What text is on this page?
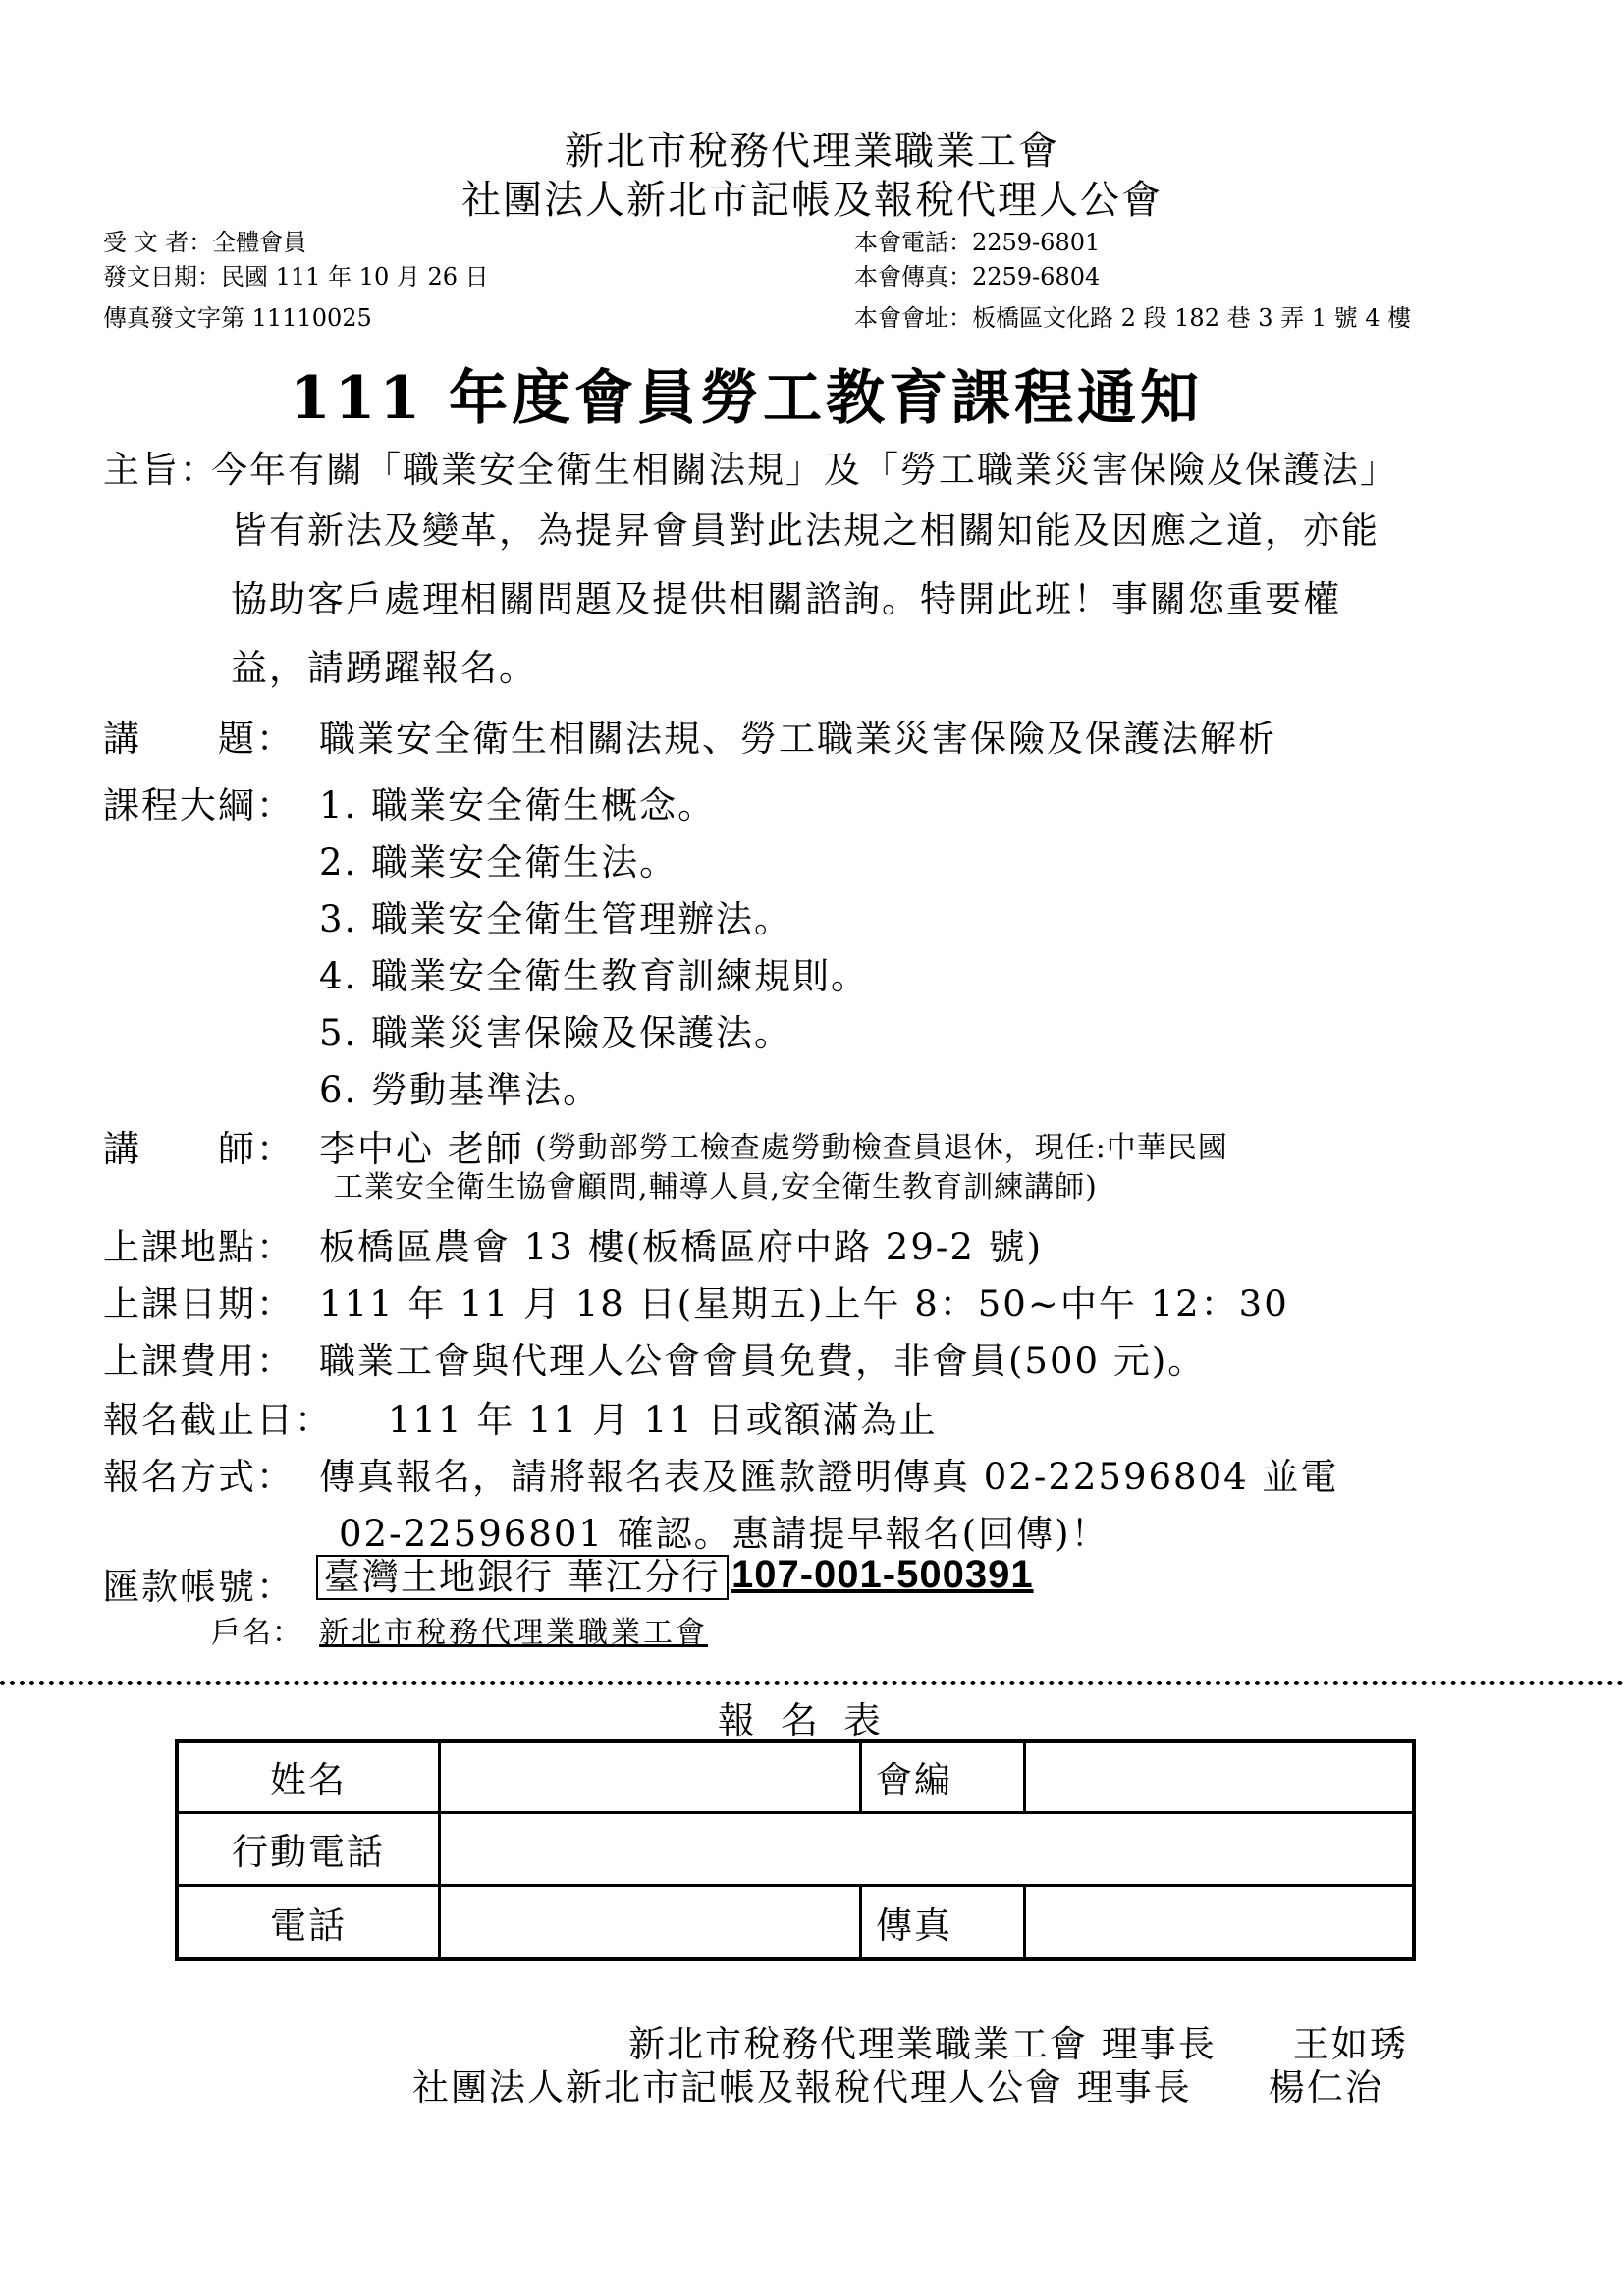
新北市稅務代理業職業工會
社團法人新北市記帳及報稅代理人公會
受 文 者：全體會員
發文日期：民國 111 年 10 月 26 日
傳真發文字第 11110025
本會電話：2259-6801
本會傳真：2259-6804
本會會址：板橋區文化路 2 段 182 巷 3 弄 1 號 4 樓
111 年度會員勞工教育課程通知
主旨：
今年有關「職業安全衛生相關法規」及「勞工職業災害保險及保護法」
皆有新法及變革，為提昇會員對此法規之相關知能及因應之道，亦能
協助客戶處理相關問題及提供相關諮詢。特開此班！事關您重要權
益，請踴躍報名。
講　　題： 職業安全衛生相關法規、勞工職業災害保險及保護法解析
課程大綱： 1. 職業安全衛生概念。
2. 職業安全衛生法。
3. 職業安全衛生管理辦法。
4. 職業安全衛生教育訓練規則。
5. 職業災害保險及保護法。
6. 勞動基準法。
講　　師： 李中心 老師 (勞動部勞工檢查處勞動檢查員退休，現任:中華民國
工業安全衛生協會顧問,輔導人員,安全衛生教育訓練講師)
上課地點： 板橋區農會 13 樓(板橋區府中路 29-2 號)
上課日期： 111 年 11 月 18 日(星期五)上午 8：50~中午 12：30
上課費用： 職業工會與代理人公會會員免費，非會員(500 元)。
報名截止日： 111 年 11 月 11 日或額滿為止
報名方式： 傳真報名，請將報名表及匯款證明傳真 02-22596804 並電
02-22596801 確認。惠請提早報名(回傳)！
匯款帳號： 臺灣土地銀行 華江分行 107-001-500391
戶名： 新北市稅務代理業職業工會
報名表
姓名		會編	
行動電話			
電話		傳真	
新北市稅務代理業職業工會 理事長　　王如琇
社團法人新北市記帳及報稅代理人公會 理事長　　楊仁治
